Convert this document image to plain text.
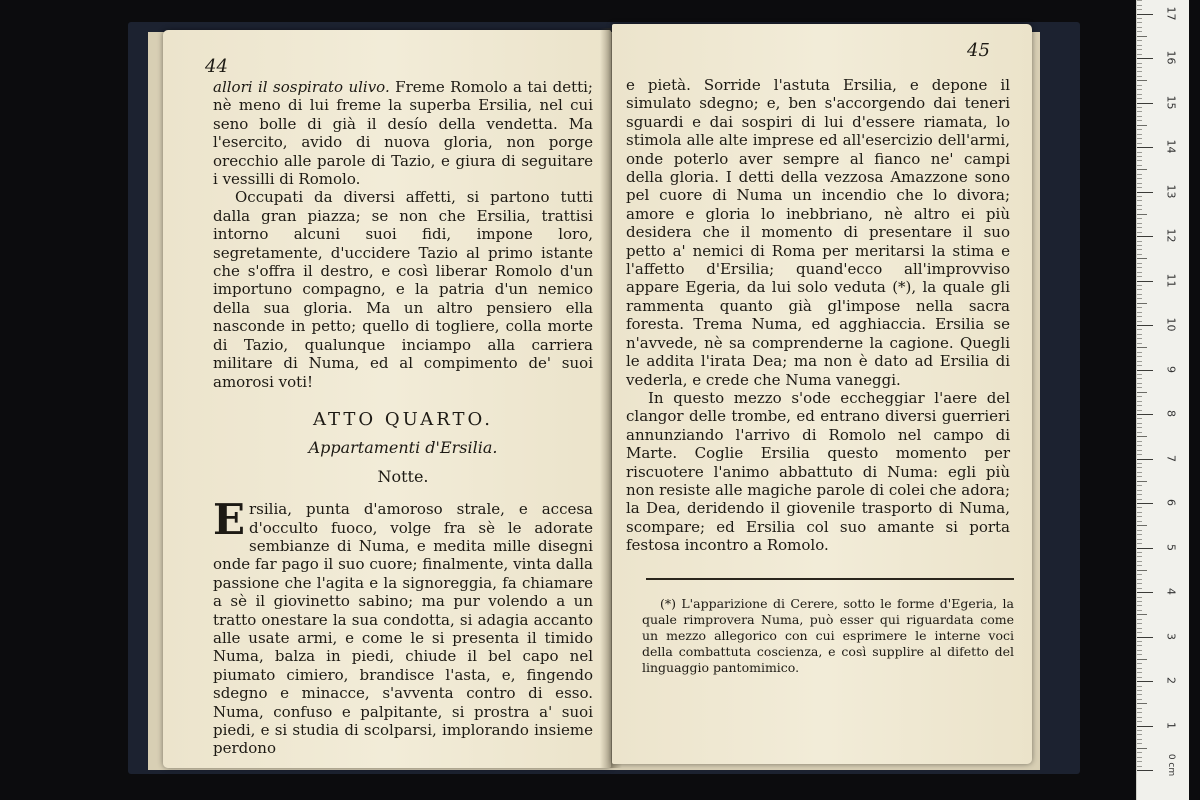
44

allori il sospirato ulivo. Freme Romolo a tai detti; nè meno di lui freme la superba Ersilia, nel cui seno bolle di già il desío della vendetta. Ma l'esercito, avido di nuova gloria, non porge orecchio alle parole di Tazio, e giura di seguitare i vessilli di Romolo.

Occupati da diversi affetti, si partono tutti dalla gran piazza; se non che Ersilia, trattisi intorno alcuni suoi fidi, impone loro, segretamente, d'uccidere Tazio al primo istante che s'offra il destro, e così liberar Romolo d'un importuno compagno, e la patria d'un nemico della sua gloria. Ma un altro pensiero ella nasconde in petto; quello di togliere, colla morte di Tazio, qualunque inciampo alla carriera militare di Numa, ed al compimento de' suoi amorosi voti!

ATTO QUARTO.
Appartamenti d'Ersilia.
Notte.

Ersilia, punta d'amoroso strale, e accesa d'occulto fuoco, volge fra sè le adorate sembianze di Numa, e medita mille disegni onde far pago il suo cuore; finalmente, vinta dalla passione che l'agita e la signoreggia, fa chiamare a sè il giovinetto sabino; ma pur volendo a un tratto onestare la sua condotta, si adagia accanto alle usate armi, e come le si presenta il timido Numa, balza in piedi, chiude il bel capo nel piumato cimiero, brandisce l'asta, e, fingendo sdegno e minacce, s'avventa contro di esso. Numa, confuso e palpitante, si prostra a' suoi piedi, e si studia di scolparsi, implorando insieme perdono

45

e pietà. Sorride l'astuta Ersilia, e depone il simulato sdegno; e, ben s'accorgendo dai teneri sguardi e dai sospiri di lui d'essere riamata, lo stimola alle alte imprese ed all'esercizio dell'armi, onde poterlo aver sempre al fianco ne' campi della gloria. I detti della vezzosa Amazzone sono pel cuore di Numa un incendio che lo divora; amore e gloria lo inebbriano, nè altro ei più desidera che il momento di presentare il suo petto a' nemici di Roma per meritarsi la stima e l'affetto d'Ersilia; quand'ecco all'improvviso appare Egeria, da lui solo veduta (*), la quale gli rammenta quanto già gl'impose nella sacra foresta. Trema Numa, ed agghiaccia. Ersilia se n'avvede, nè sa comprenderne la cagione. Quegli le addita l'irata Dea; ma non è dato ad Ersilia di vederla, e crede che Numa vaneggi.

In questo mezzo s'ode eccheggiar l'aere del clangor delle trombe, ed entrano diversi guerrieri annunziando l'arrivo di Romolo nel campo di Marte. Coglie Ersilia questo momento per riscuotere l'animo abbattuto di Numa: egli più non resiste alle magiche parole di colei che adora; la Dea, deridendo il giovenile trasporto di Numa, scompare; ed Ersilia col suo amante si porta festosa incontro a Romolo.

(*) L'apparizione di Cerere, sotto le forme d'Egeria, la quale rimprovera Numa, può esser qui riguardata come un mezzo allegorico con cui esprimere le interne voci della combattuta coscienza, e così supplire al difetto del linguaggio pantomimico.

0 cm
1
2
3
4
5
6
7
8
9
10
11
12
13
14
15
16
17
